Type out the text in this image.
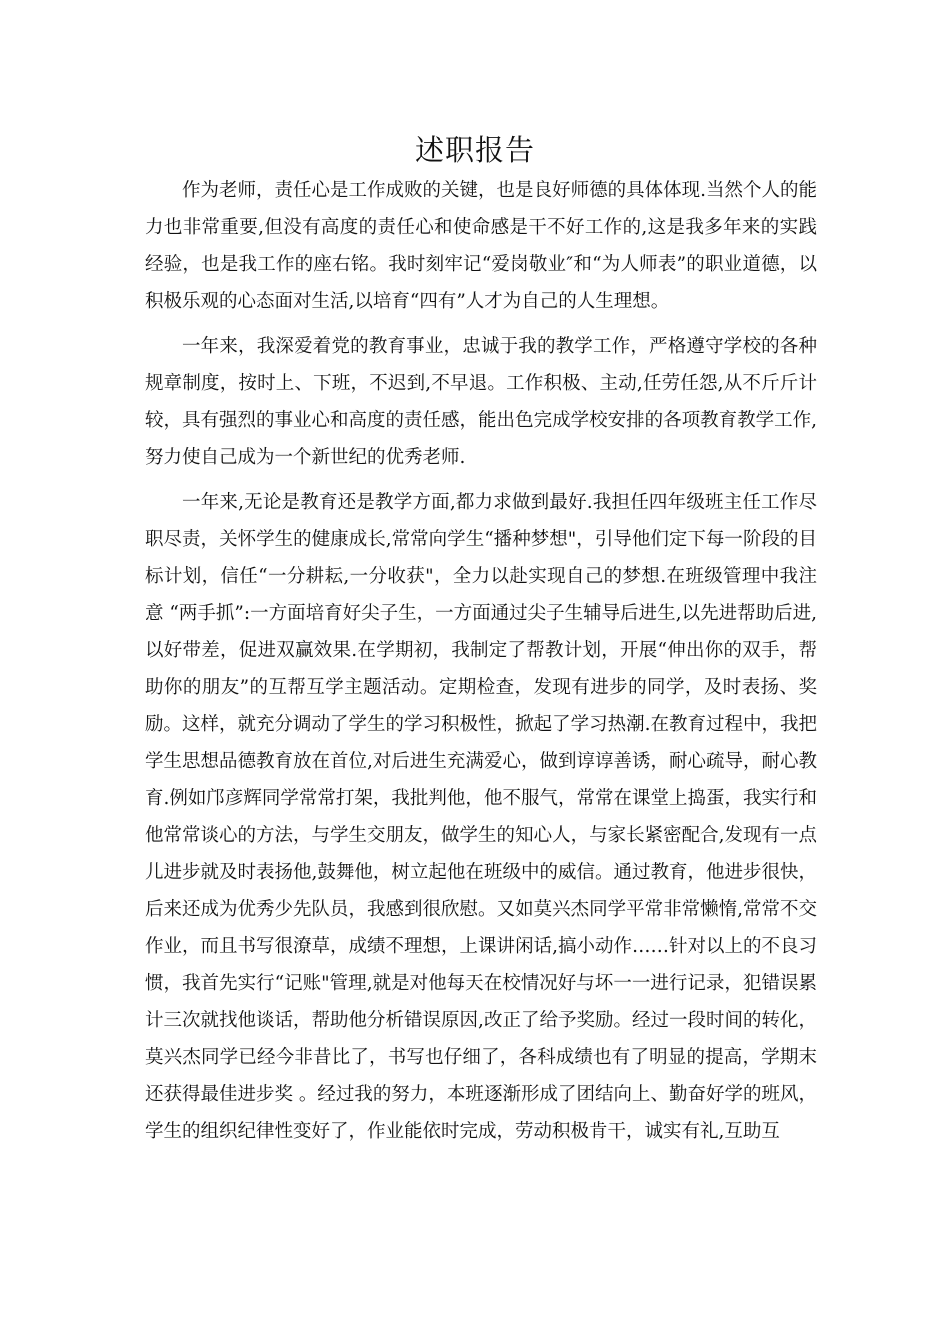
述职报告

作为老师，责任心是工作成败的关键，也是良好师德的具体体现.当然个人的能力也非常重要,但没有高度的责任心和使命感是干不好工作的,这是我多年来的实践经验，也是我工作的座右铭。我时刻牢记“爱岗敬业″和“为人师表”的职业道德，以积极乐观的心态面对生活,以培育“四有”人才为自己的人生理想。

一年来，我深爱着党的教育事业，忠诚于我的教学工作，严格遵守学校的各种规章制度，按时上、下班，不迟到,不早退。工作积极、主动,任劳任怨,从不斤斤计较，具有强烈的事业心和高度的责任感，能出色完成学校安排的各项教育教学工作,努力使自己成为一个新世纪的优秀老师.

一年来,无论是教育还是教学方面,都力求做到最好.我担任四年级班主任工作尽职尽责，关怀学生的健康成长,常常向学生“播种梦想"，引导他们定下每一阶段的目标计划，信任“一分耕耘,一分收获"，全力以赴实现自己的梦想.在班级管理中我注意 “两手抓”:一方面培育好尖子生，一方面通过尖子生辅导后进生,以先进帮助后进,以好带差，促进双赢效果.在学期初，我制定了帮教计划，开展“伸出你的双手，帮助你的朋友”的互帮互学主题活动。定期检查，发现有进步的同学，及时表扬、奖励。这样，就充分调动了学生的学习积极性，掀起了学习热潮.在教育过程中，我把学生思想品德教育放在首位,对后进生充满爱心，做到谆谆善诱，耐心疏导，耐心教育.例如邝彦辉同学常常打架，我批判他，他不服气，常常在课堂上捣蛋，我实行和他常常谈心的方法，与学生交朋友，做学生的知心人，与家长紧密配合,发现有一点儿进步就及时表扬他,鼓舞他，树立起他在班级中的威信。通过教育，他进步很快，后来还成为优秀少先队员，我感到很欣慰。又如莫兴杰同学平常非常懒惰,常常不交作业，而且书写很潦草，成绩不理想，上课讲闲话,搞小动作……针对以上的不良习惯，我首先实行“记账"管理,就是对他每天在校情况好与坏一一进行记录，犯错误累计三次就找他谈话，帮助他分析错误原因,改正了给予奖励。经过一段时间的转化，莫兴杰同学已经今非昔比了，书写也仔细了，各科成绩也有了明显的提高，学期末还获得最佳进步奖 。经过我的努力，本班逐渐形成了团结向上、勤奋好学的班风，学生的组织纪律性变好了，作业能依时完成，劳动积极肯干，诚实有礼,互助互
